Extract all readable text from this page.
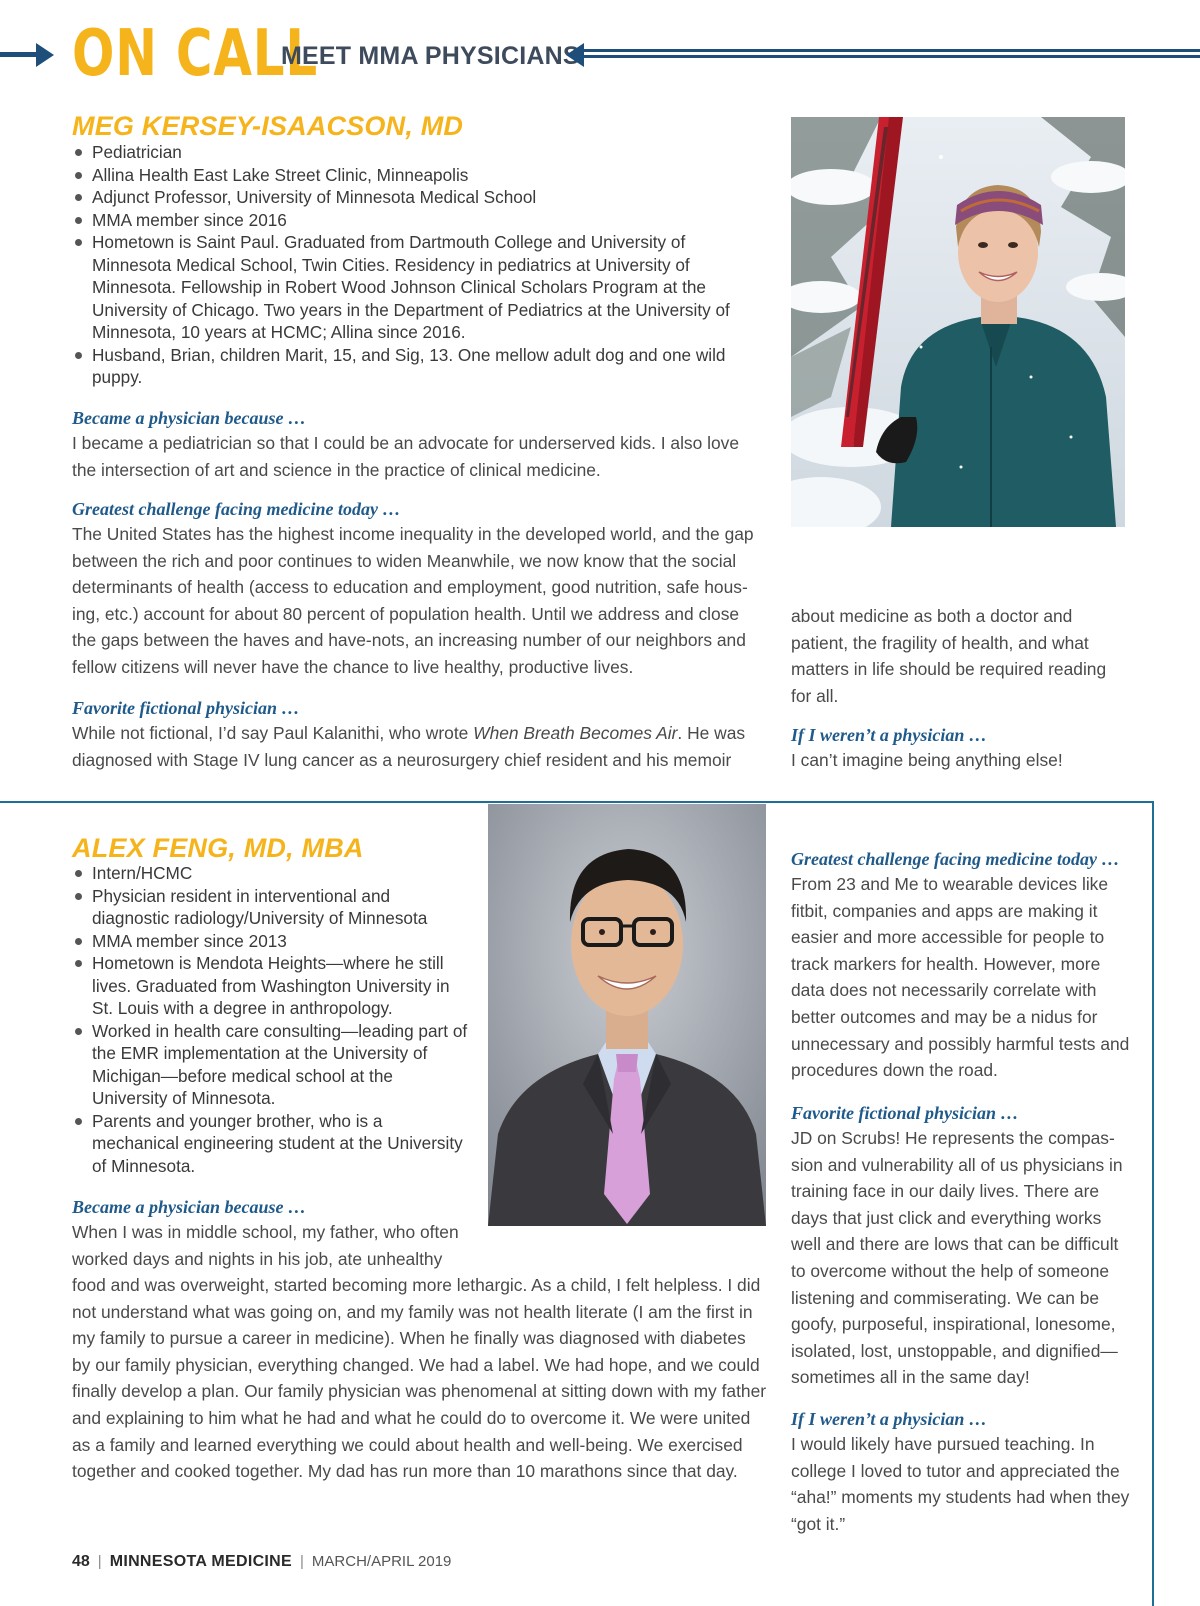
ON CALL
MEET MMA PHYSICIANS
MEG KERSEY-ISAACSON, MD
Pediatrician
Allina Health East Lake Street Clinic, Minneapolis
Adjunct Professor, University of Minnesota Medical School
MMA member since 2016
Hometown is Saint Paul. Graduated from Dartmouth College and University of Minnesota Medical School, Twin Cities. Residency in pediatrics at University of Minnesota. Fellowship in Robert Wood Johnson Clinical Scholars Program at the University of Chicago. Two years in the Department of Pediatrics at the University of Minnesota, 10 years at HCMC; Allina since 2016.
Husband, Brian, children Marit, 15, and Sig, 13. One mellow adult dog and one wild puppy.
Became a physician because …
I became a pediatrician so that I could be an advocate for underserved kids. I also love the intersection of art and science in the practice of clinical medicine.
Greatest challenge facing medicine today …
The United States has the highest income inequality in the developed world, and the gap between the rich and poor continues to widen Meanwhile, we now know that the social determinants of health (access to education and employment, good nutrition, safe hous-ing, etc.) account for about 80 percent of population health. Until we address and close the gaps between the haves and have-nots, an increasing number of our neighbors and fellow citizens will never have the chance to live healthy, productive lives.
Favorite fictional physician …
While not fictional, I’d say Paul Kalanithi, who wrote When Breath Becomes Air. He was diagnosed with Stage IV lung cancer as a neurosurgery chief resident and his memoir
about medicine as both a doctor and patient, the fragility of health, and what matters in life should be required reading for all.
If I weren’t a physician …
I can’t imagine being anything else!
ALEX FENG, MD, MBA
Intern/HCMC
Physician resident in interventional and diagnostic radiology/University of Minnesota
MMA member since 2013
Hometown is Mendota Heights—where he still lives. Graduated from Washington University in St. Louis with a degree in anthropology.
Worked in health care consulting—leading part of the EMR implementation at the University of Michigan—before medical school at the University of Minnesota.
Parents and younger brother, who is a mechanical engineering student at the University of Minnesota.
Became a physician because …
When I was in middle school, my father, who often worked days and nights in his job, ate unhealthy
food and was overweight, started becoming more lethargic. As a child, I felt helpless. I did not understand what was going on, and my family was not health literate (I am the first in my family to pursue a career in medicine). When he finally was diagnosed with diabetes by our family physician, everything changed. We had a label. We had hope, and we could finally develop a plan. Our family physician was phenomenal at sitting down with my father and explaining to him what he had and what he could do to overcome it. We were united as a family and learned everything we could about health and well-being. We exercised together and cooked together. My dad has run more than 10 marathons since that day.
Greatest challenge facing medicine today …
From 23 and Me to wearable devices like fitbit, companies and apps are making it easier and more accessible for people to track markers for health. However, more data does not necessarily correlate with better outcomes and may be a nidus for unnecessary and possibly harmful tests and procedures down the road.
Favorite fictional physician …
JD on Scrubs! He represents the compas-sion and vulnerability all of us physicians in training face in our daily lives. There are days that just click and everything works well and there are lows that can be difficult to overcome without the help of someone listening and commiserating. We can be goofy, purposeful, inspirational, lonesome, isolated, lost, unstoppable, and dignified—sometimes all in the same day!
If I weren’t a physician …
I would likely have pursued teaching. In college I loved to tutor and appreciated the “aha!” moments my students had when they “got it.”
48 | MINNESOTA MEDICINE | MARCH/APRIL 2019
